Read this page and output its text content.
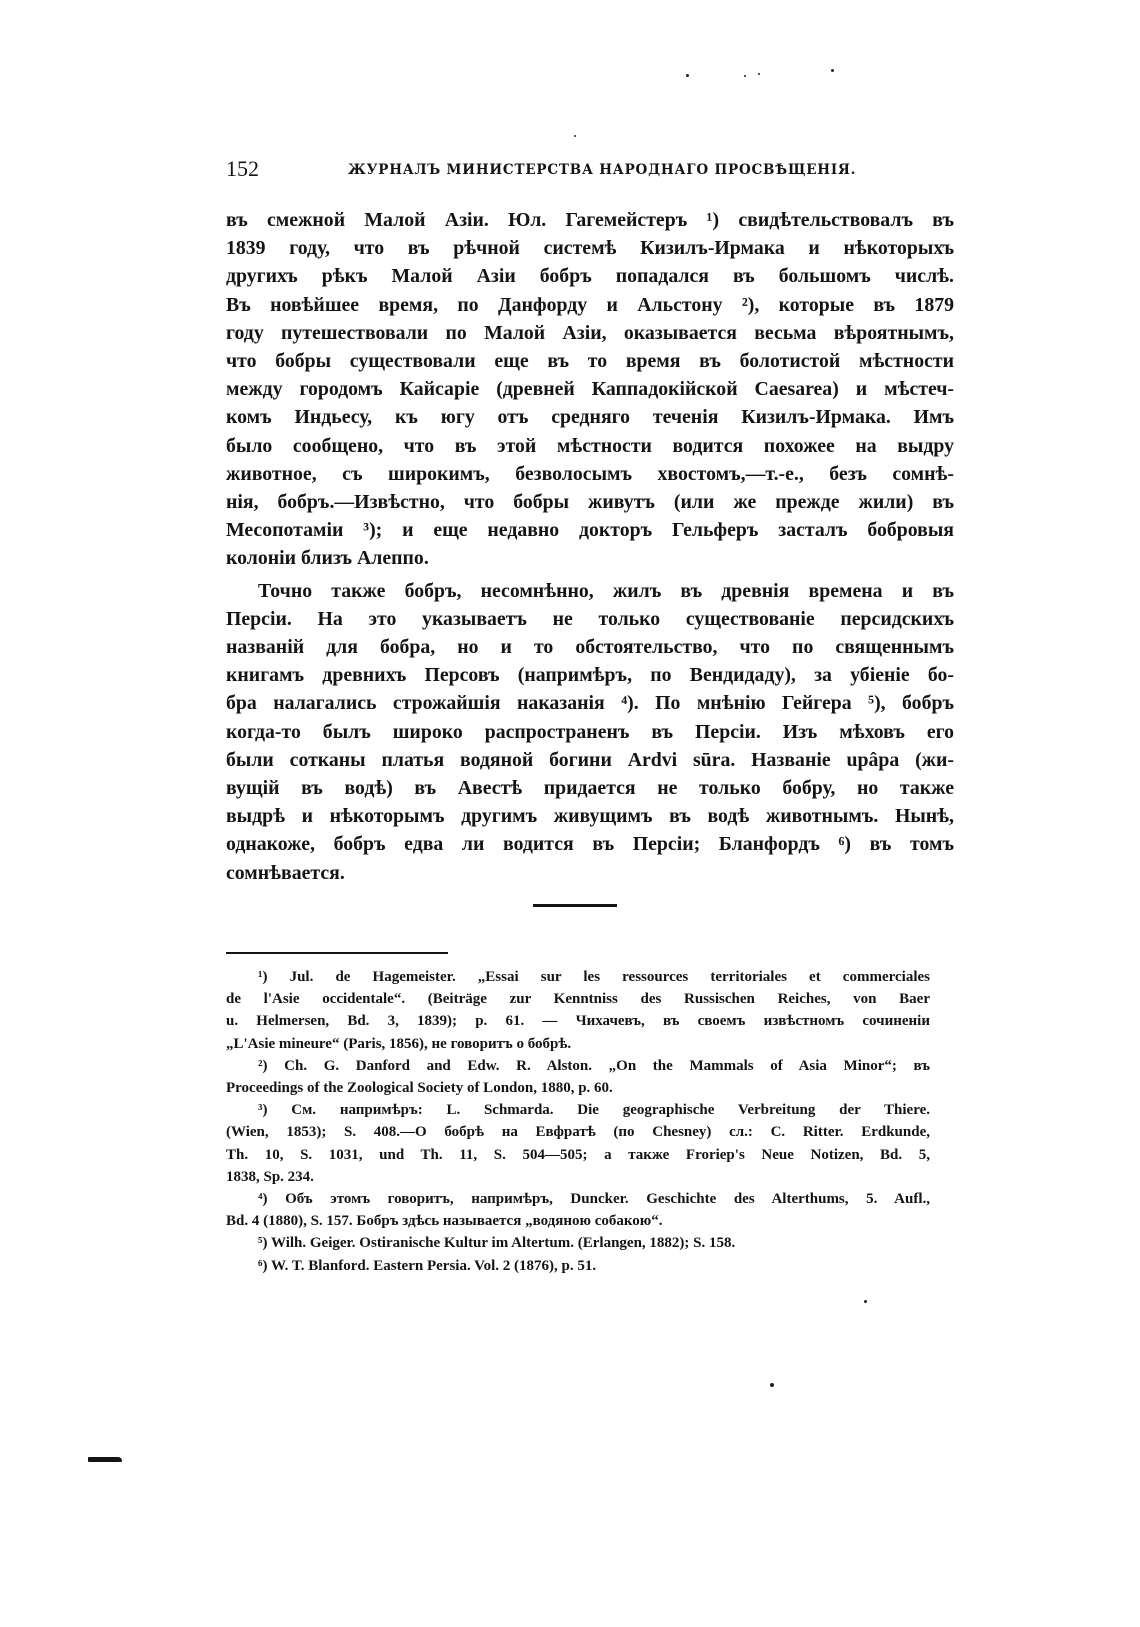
152	ЖУРНАЛЪ МИНИСТЕРСТВА НАРОДНАГО ПРОСВѢЩЕНІЯ.

въ смежной Малой Азіи. Юл. Гагемейстеръ ¹) свидѣтельствовалъ въ
1839 году, что въ рѣчной системѣ Кизилъ-Ирмака и нѣкоторыхъ
другихъ рѣкъ Малой Азіи бобръ попадался въ большомъ числѣ.
Въ новѣйшее время, по Данфорду и Альстону ²), которые въ 1879
году путешествовали по Малой Азіи, оказывается весьма вѣроятнымъ,
что бобры существовали еще въ то время въ болотистой мѣстности
между городомъ Кайсаріе (древней Каппадокійской Caesarea) и мѣстеч-
комъ Индьесу, къ югу отъ средняго теченія Кизилъ-Ирмака. Имъ
было сообщено, что въ этой мѣстности водится похожее на выдру
животное, съ широкимъ, безволосымъ хвостомъ,—т.-е., безъ сомнѣ-
нія, бобръ.—Извѣстно, что бобры живутъ (или же прежде жили) въ
Месопотаміи ³); и еще недавно докторъ Гельферъ засталъ бобровыя
колоніи близъ Алеппо.

Точно также бобръ, несомнѣнно, жилъ въ древнія времена и въ
Персіи. На это указываетъ не только существованіе персидскихъ
названій для бобра, но и то обстоятельство, что по священнымъ
книгамъ древнихъ Персовъ (напримѣръ, по Вендидаду), за убіеніе бо-
бра налагались строжайшія наказанія ⁴). По мнѣнію Гейгера ⁵), бобръ
когда-то былъ широко распространенъ въ Персіи. Изъ мѣховъ его
были сотканы платья водяной богини Ardvi sūra. Названіе upâpa (жи-
вущій въ водѣ) въ Авестѣ придается не только бобру, но также
выдрѣ и нѣкоторымъ другимъ живущимъ въ водѣ животнымъ. Нынѣ,
однакоже, бобръ едва ли водится въ Персіи; Бланфордъ ⁶) въ томъ
сомнѣвается.

¹) Jul. de Hagemeister. „Essai sur les ressources territoriales et commerciales
de l'Asie occidentale“. (Beiträge zur Kenntniss des Russischen Reiches, von Baer
u. Helmersen, Bd. 3, 1839); p. 61. — Чихачевъ, въ своемъ извѣстномъ сочиненіи
„L'Asie mineure“ (Paris, 1856), не говоритъ о бобрѣ.

²) Ch. G. Danford and Edw. R. Alston. „On the Mammals of Asia Minor“; въ
Proceedings of the Zoological Society of London, 1880, p. 60.

³) См. напримѣръ: L. Schmarda. Die geographische Verbreitung der Thiere.
(Wien, 1853); S. 408.—О бобрѣ на Евфратѣ (по Chesney) сл.: C. Ritter. Erdkunde,
Th. 10, S. 1031, und Th. 11, S. 504—505; а также Froriep's Neue Notizen, Bd. 5,
1838, Sp. 234.

⁴) Объ этомъ говоритъ, напримѣръ, Duncker. Geschichte des Alterthums, 5. Aufl.,
Bd. 4 (1880), S. 157. Бобръ здѣсь называется „водяною собакою“.

⁵) Wilh. Geiger. Ostiranische Kultur im Altertum. (Erlangen, 1882); S. 158.

⁶) W. T. Blanford. Eastern Persia. Vol. 2 (1876), p. 51.
